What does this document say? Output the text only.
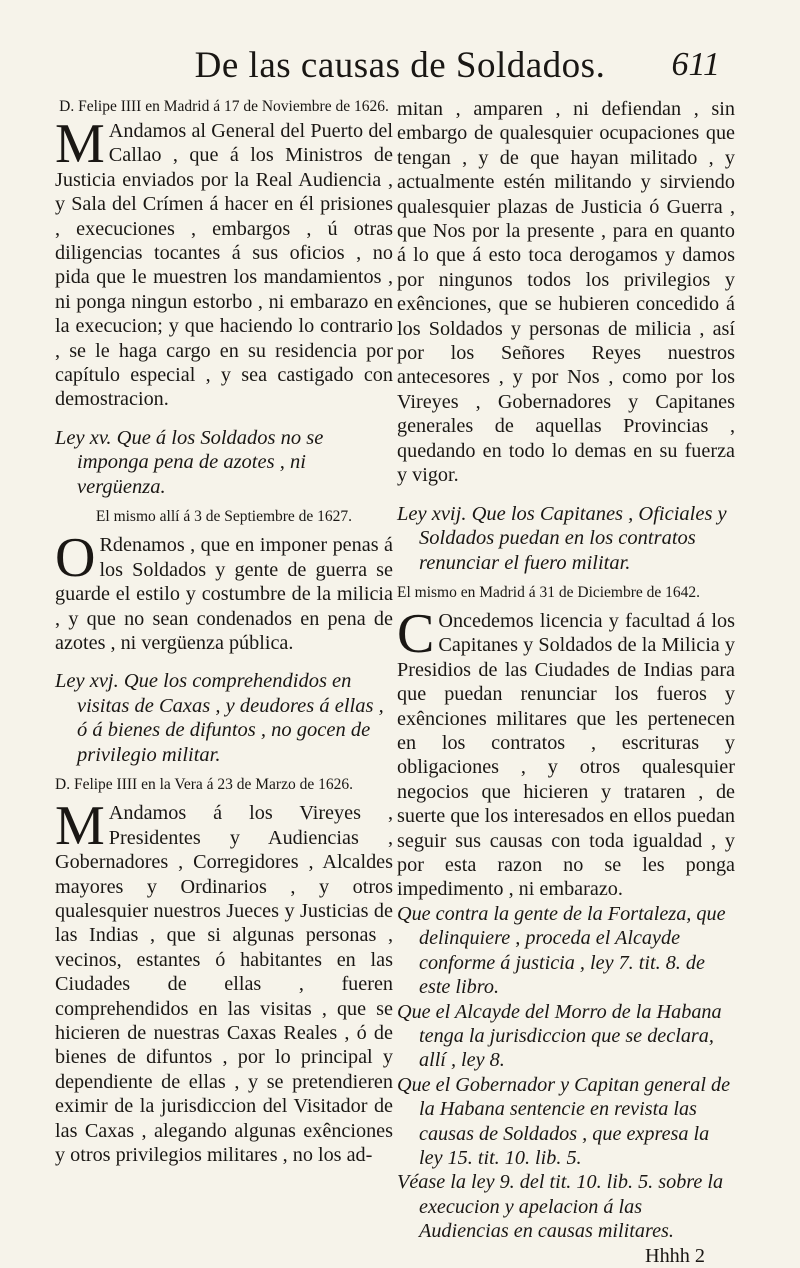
De las causas de Soldados.	611
D. Felipe IIII en Madrid á 17 de Noviembre de 1626.
M Andamos al General del Puerto del Callao , que á los Ministros de Justicia enviados por la Real Audiencia , y Sala del Crímen á hacer en él prisiones , execuciones , embargos , ú otras diligencias tocantes á sus oficios , no pida que le muestren los mandamientos , ni ponga ningun estorbo , ni embarazo en la execucion; y que haciendo lo contrario , se le haga cargo en su residencia por capítulo especial , y sea castigado con demostracion.
Ley xv. Que á los Soldados no se imponga pena de azotes , ni vergüenza.
El mismo allí á 3 de Septiembre de 1627.
O Rdenamos , que en imponer penas á los Soldados y gente de guerra se guarde el estilo y costumbre de la milicia , y que no sean condenados en pena de azotes , ni vergüenza pública.
Ley xvj. Que los comprehendidos en visitas de Caxas , y deudores á ellas , ó á bienes de difuntos , no gocen de privilegio militar.
D. Felipe IIII en la Vera á 23 de Marzo de 1626.
M Andamos á los Vireyes , Presidentes y Audiencias , Gobernadores , Corregidores , Alcaldes mayores y Ordinarios , y otros qualesquier nuestros Jueces y Justicias de las Indias , que si algunas personas , vecinos, estantes ó habitantes en las Ciudades de ellas , fueren comprehendidos en las visitas , que se hicieren de nuestras Caxas Reales , ó de bienes de difuntos , por lo principal y dependiente de ellas , y se pretendieren eximir de la jurisdiccion del Visitador de las Caxas , alegando algunas exênciones y otros privilegios militares , no los ad-
mitan , amparen , ni defiendan , sin embargo de qualesquier ocupaciones que tengan , y de que hayan militado , y actualmente estén militando y sirviendo qualesquier plazas de Justicia ó Guerra , que Nos por la presente , para en quanto á lo que á esto toca derogamos y damos por ningunos todos los privilegios y exênciones, que se hubieren concedido á los Soldados y personas de milicia , así por los Señores Reyes nuestros antecesores , y por Nos , como por los Vireyes , Gobernadores y Capitanes generales de aquellas Provincias , quedando en todo lo demas en su fuerza y vigor.
Ley xvij. Que los Capitanes , Oficiales y Soldados puedan en los contratos renunciar el fuero militar.
El mismo en Madrid á 31 de Diciembre de 1642.
C Oncedemos licencia y facultad á los Capitanes y Soldados de la Milicia y Presidios de las Ciudades de Indias para que puedan renunciar los fueros y exênciones militares que les pertenecen en los contratos , escrituras y obligaciones , y otros qualesquier negocios que hicieren y trataren , de suerte que los interesados en ellos puedan seguir sus causas con toda igualdad , y por esta razon no se les ponga impedimento , ni embarazo.
Que contra la gente de la Fortaleza, que delinquiere , proceda el Alcayde conforme á justicia , ley 7. tit. 8. de este libro.
Que el Alcayde del Morro de la Habana tenga la jurisdiccion que se declara, allí , ley 8.
Que el Gobernador y Capitan general de la Habana sentencie en revista las causas de Soldados , que expresa la ley 15. tit. 10. lib. 5.
Véase la ley 9. del tit. 10. lib. 5. sobre la execucion y apelacion á las Audiencias en causas militares.
Hhhh 2
